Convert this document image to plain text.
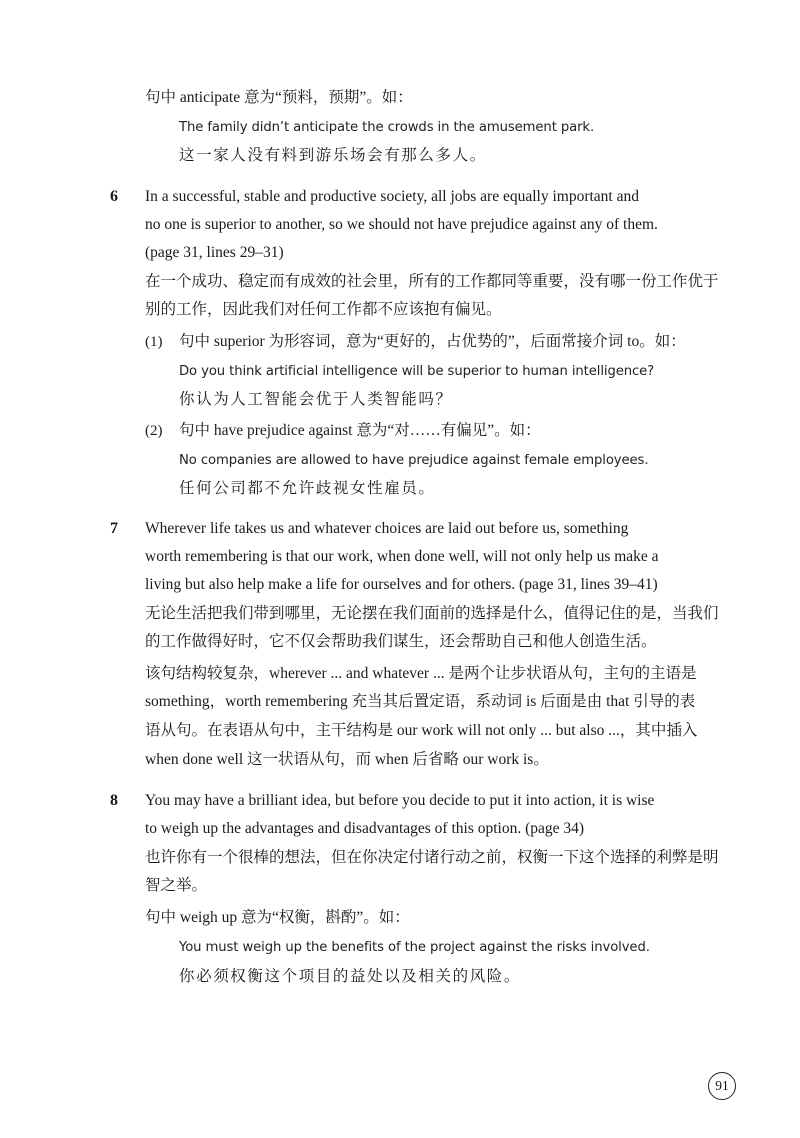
句中 anticipate 意为“预料，预期”。如：
The family didn’t anticipate the crowds in the amusement park.
这一家人没有料到游乐场会有那么多人。
6 In a successful, stable and productive society, all jobs are equally important and
no one is superior to another, so we should not have prejudice against any of them.
(page 31, lines 29–31)
在一个成功、稳定而有成效的社会里，所有的工作都同等重要，没有哪一份工作优于
别的工作，因此我们对任何工作都不应该抱有偏见。
(1) 句中 superior 为形容词，意为“更好的，占优势的”，后面常接介词 to。如：
Do you think artificial intelligence will be superior to human intelligence?
你认为人工智能会优于人类智能吗？
(2) 句中 have prejudice against 意为“对……有偏见”。如：
No companies are allowed to have prejudice against female employees.
任何公司都不允许歧视女性雇员。
7 Wherever life takes us and whatever choices are laid out before us, something
worth remembering is that our work, when done well, will not only help us make a
living but also help make a life for ourselves and for others. (page 31, lines 39–41)
无论生活把我们带到哪里，无论摆在我们面前的选择是什么，值得记住的是，当我们
的工作做得好时，它不仅会帮助我们谋生，还会帮助自己和他人创造生活。
该句结构较复杂，wherever ... and whatever ... 是两个让步状语从句，主句的主语是
something，worth remembering 充当其后置定语，系动词 is 后面是由 that 引导的表
语从句。在表语从句中，主干结构是 our work will not only ... but also ...，其中插入
when done well 这一状语从句，而 when 后省略 our work is。
8 You may have a brilliant idea, but before you decide to put it into action, it is wise
to weigh up the advantages and disadvantages of this option. (page 34)
也许你有一个很棒的想法，但在你决定付诸行动之前，权衡一下这个选择的利弊是明
智之举。
句中 weigh up 意为“权衡，斟酌”。如：
You must weigh up the benefits of the project against the risks involved.
你必须权衡这个项目的益处以及相关的风险。
91
